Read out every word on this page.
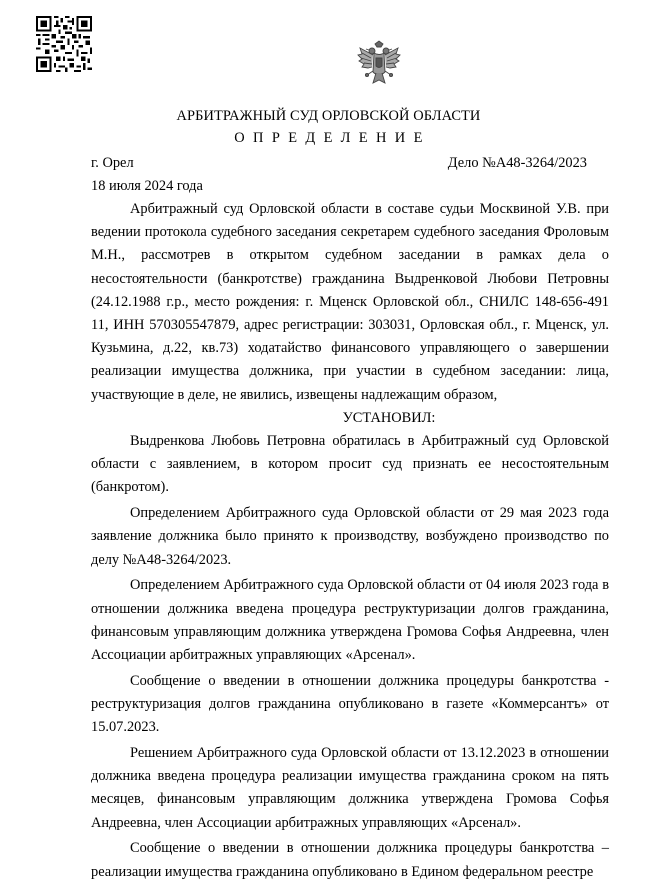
АРБИТРАЖНЫЙ СУД ОРЛОВСКОЙ ОБЛАСТИ
ОПРЕДЕЛЕНИЕ
г. Орел	Дело №А48-3264/2023
18 июля 2024 года

Арбитражный суд Орловской области в составе судьи Москвиной У.В. при ведении протокола судебного заседания секретарем судебного заседания Фроловым М.Н., рассмотрев в открытом судебном заседании в рамках дела о несостоятельности (банкротстве) гражданина Выдренковой Любови Петровны (24.12.1988 г.р., место рождения: г. Мценск Орловской обл., СНИЛС 148-656-491 11, ИНН 570305547879, адрес регистрации: 303031, Орловская обл., г. Мценск, ул. Кузьмина, д.22, кв.73) ходатайство финансового управляющего о завершении реализации имущества должника, при участии в судебном заседании: лица, участвующие в деле, не явились, извещены надлежащим образом,

УСТАНОВИЛ:

Выдренкова Любовь Петровна обратилась в Арбитражный суд Орловской области с заявлением, в котором просит суд признать ее несостоятельным (банкротом).

Определением Арбитражного суда Орловской области от 29 мая 2023 года заявление должника было принято к производству, возбуждено производство по делу №А48-3264/2023.

Определением Арбитражного суда Орловской области от 04 июля 2023 года в отношении должника введена процедура реструктуризации долгов гражданина, финансовым управляющим должника утверждена Громова Софья Андреевна, член Ассоциации арбитражных управляющих «Арсенал».

Сообщение о введении в отношении должника процедуры банкротства - реструктуризация долгов гражданина опубликовано в газете «Коммерсантъ» от 15.07.2023.

Решением Арбитражного суда Орловской области от 13.12.2023 в отношении должника введена процедура реализации имущества гражданина сроком на пять месяцев, финансовым управляющим должника утверждена Громова Софья Андреевна, член Ассоциации арбитражных управляющих «Арсенал».

Сообщение о введении в отношении должника процедуры банкротства – реализации имущества гражданина опубликовано в Едином федеральном реестре
